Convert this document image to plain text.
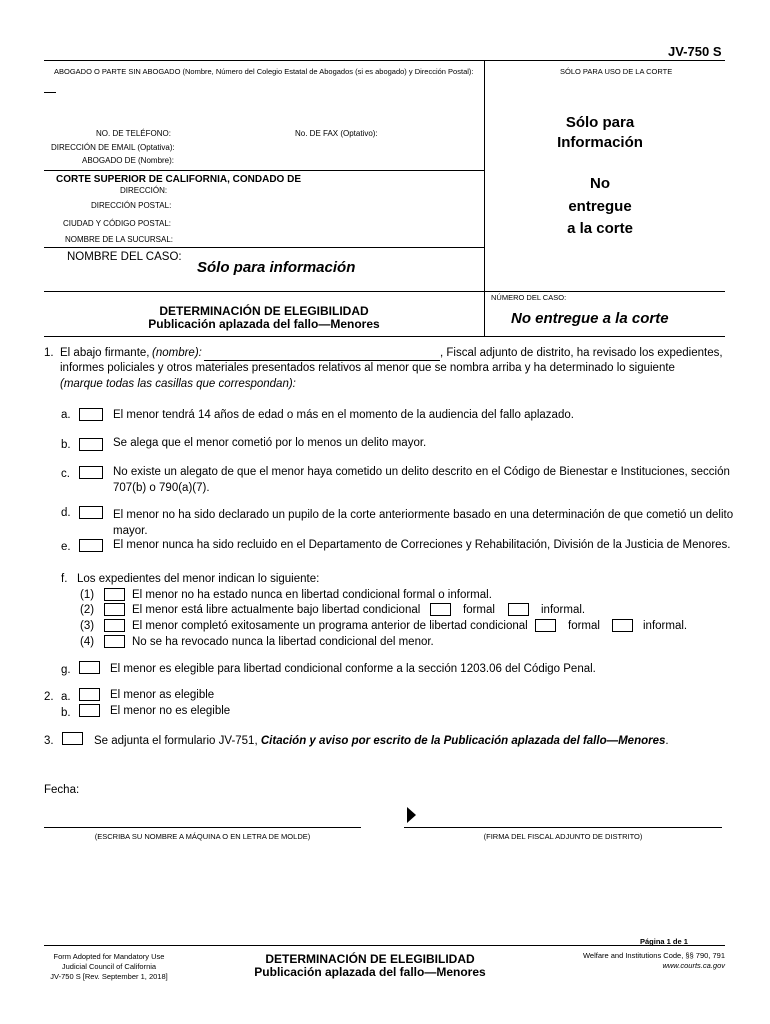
JV-750 S
ABOGADO O PARTE SIN ABOGADO (Nombre, Número del Colegio Estatal de Abogados (si es abogado) y Dirección Postal):	SÓLO PARA USO DE LA CORTE
NO. DE TELÉFONO:	No. DE FAX (Optativo):
DIRECCIÓN DE EMAIL (Optativa):
ABOGADO DE (Nombre):
CORTE SUPERIOR DE CALIFORNIA, CONDADO DE
DIRECCIÓN:
DIRECCIÓN POSTAL:
CIUDAD Y CÓDIGO POSTAL:
NOMBRE DE LA SUCURSAL:
NOMBRE DEL CASO:
Sólo para información
DETERMINACIÓN DE ELEGIBILIDAD
Publicación aplazada del fallo—Menores
NÚMERO DEL CASO:
No entregue a la corte
Sólo para
Información
No
entregue
a la corte
1. El abajo firmante, (nombre):	, Fiscal adjunto de distrito, ha revisado los expedientes,
informes policiales y otros materiales presentados relativos al menor que se nombra arriba y ha determinado lo siguiente
(marque todas las casillas que correspondan):
a.	El menor tendrá 14 años de edad o más en el momento de la audiencia del fallo aplazado.
b.	Se alega que el menor cometió por lo menos un delito mayor.
c.	No existe un alegato de que el menor haya cometido un delito descrito en el Código de Bienestar e Instituciones, sección
707(b) o 790(a)(7).
d.	El menor no ha sido declarado un pupilo de la corte anteriormente basado en una determinación de que cometió un delito
mayor.
e.	El menor nunca ha sido recluido en el Departamento de Correciones y Rehabilitación, División de la Justicia de Menores.
f. Los expedientes del menor indican lo siguiente:
(1)	El menor no ha estado nunca en libertad condicional formal o informal.
(2)	El menor está libre actualmente bajo libertad condicional	formal	informal.
(3)	El menor completó exitosamente un programa anterior de libertad condicional	formal	informal.
(4)	No se ha revocado nunca la libertad condicional del menor.
g.	El menor es elegible para libertad condicional conforme a la sección 1203.06 del Código Penal.
2. a.	El menor as elegible
b.	El menor no es elegible
3.	Se adjunta el formulario JV-751, Citación y aviso por escrito de la Publicación aplazada del fallo—Menores.
Fecha:
(ESCRIBA SU NOMBRE A MÁQUINA O EN LETRA DE MOLDE)	(FIRMA DEL FISCAL ADJUNTO DE DISTRITO)
Página 1 de 1
Form Adopted for Mandatory Use
Judicial Council of California
JV-750 S [Rev. September 1, 2018]
DETERMINACIÓN DE ELEGIBILIDAD
Publicación aplazada del fallo—Menores
Welfare and Institutions Code, §§ 790, 791
www.courts.ca.gov
